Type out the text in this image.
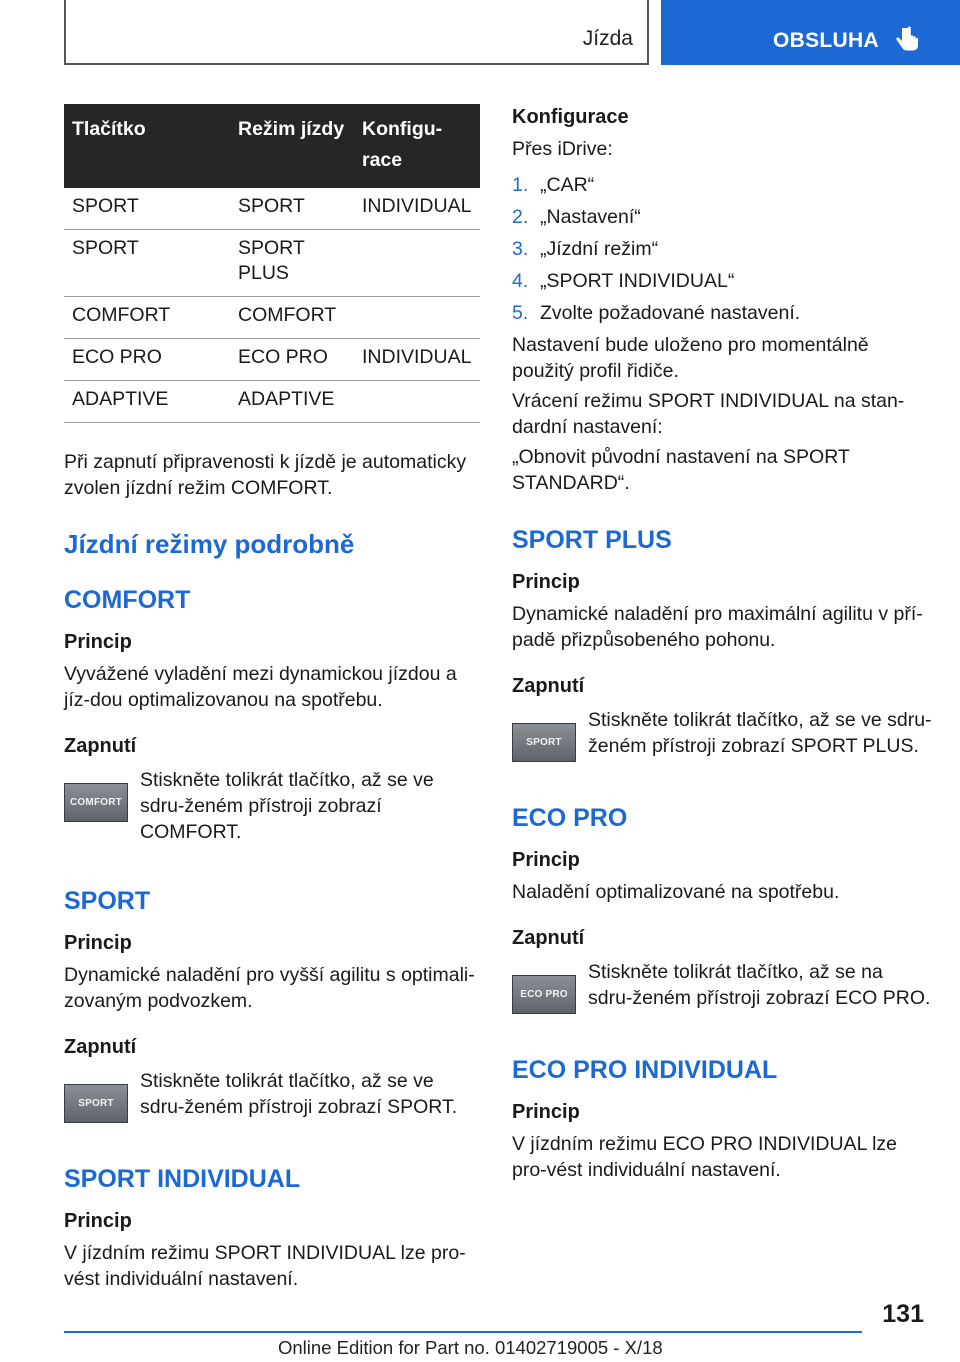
Jízda	OBSLUHA
Tlačítko	Režim jízdy	Konfigu‐
race
SPORT	SPORT	INDIVIDUAL
SPORT	SPORT
PLUS	
COMFORT	COMFORT	
ECO PRO	ECO PRO	INDIVIDUAL
ADAPTIVE	ADAPTIVE	

Při zapnutí připravenosti k jízdě je automaticky zvolen jízdní režim COMFORT.

Jízdní režimy podrobně
COMFORT
Princip

Vyvážené vyladění mezi dynamickou jízdou a jíz‐dou optimalizovanou na spotřebu.

Zapnutí
COMFORT

Stiskněte tolikrát tlačítko, až se ve sdru‐ženém přístroji zobrazí COMFORT.

SPORT
Princip

Dynamické naladění pro vyšší agilitu s optimali‐zovaným podvozkem.

Zapnutí
SPORT

Stiskněte tolikrát tlačítko, až se ve sdru‐ženém přístroji zobrazí SPORT.

SPORT INDIVIDUAL
Princip

V jízdním režimu SPORT INDIVIDUAL lze pro‐vést individuální nastavení.

Konfigurace

Přes iDrive:

1. „CAR“
2. „Nastavení“
3. „Jízdní režim“
4. „SPORT INDIVIDUAL“
5. Zvolte požadované nastavení.

Nastavení bude uloženo pro momentálně použitý profil řidiče.

Vrácení režimu SPORT INDIVIDUAL na stan‐dardní nastavení:

„Obnovit původní nastavení na SPORT STANDARD“.

SPORT PLUS
Princip

Dynamické naladění pro maximální agilitu v pří‐padě přizpůsobeného pohonu.

Zapnutí
SPORT

Stiskněte tolikrát tlačítko, až se ve sdru‐ženém přístroji zobrazí SPORT PLUS.

ECO PRO
Princip

Naladění optimalizované na spotřebu.

Zapnutí
ECO PRO

Stiskněte tolikrát tlačítko, až se na sdru‐ženém přístroji zobrazí ECO PRO.

ECO PRO INDIVIDUAL
Princip

V jízdním režimu ECO PRO INDIVIDUAL lze pro‐vést individuální nastavení.

131
Online Edition for Part no. 01402719005 - X/18
